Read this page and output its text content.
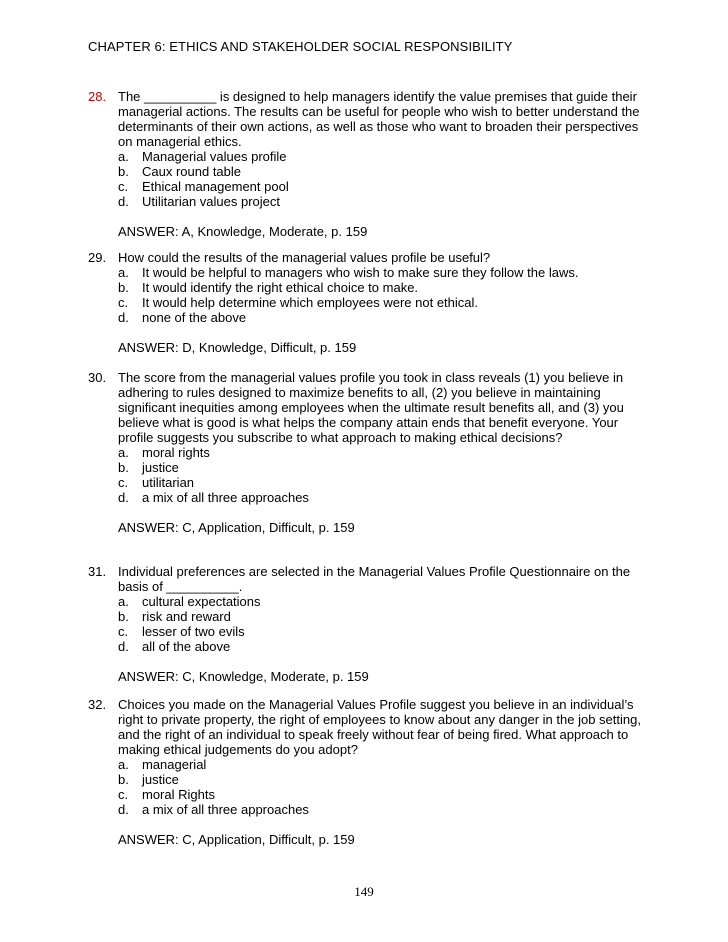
CHAPTER 6: ETHICS AND STAKEHOLDER SOCIAL RESPONSIBILITY
28. The __________ is designed to help managers identify the value premises that guide their managerial actions. The results can be useful for people who wish to better understand the determinants of their own actions, as well as those who want to broaden their perspectives on managerial ethics.

a. Managerial values profile
b. Caux round table
c. Ethical management pool
d. Utilitarian values project
ANSWER: A, Knowledge, Moderate, p. 159
29. How could the results of the managerial values profile be useful?

a. It would be helpful to managers who wish to make sure they follow the laws.
b. It would identify the right ethical choice to make.
c. It would help determine which employees were not ethical.
d. none of the above
ANSWER: D, Knowledge, Difficult, p. 159
30. The score from the managerial values profile you took in class reveals (1) you believe in adhering to rules designed to maximize benefits to all, (2) you believe in maintaining significant inequities among employees when the ultimate result benefits all, and (3) you believe what is good is what helps the company attain ends that benefit everyone. Your profile suggests you subscribe to what approach to making ethical decisions?

a. moral rights
b. justice
c. utilitarian
d. a mix of all three approaches
ANSWER: C, Application, Difficult, p. 159
31. Individual preferences are selected in the Managerial Values Profile Questionnaire on the basis of __________.

a. cultural expectations
b. risk and reward
c. lesser of two evils
d. all of the above
ANSWER: C, Knowledge, Moderate, p. 159
32. Choices you made on the Managerial Values Profile suggest you believe in an individual’s right to private property, the right of employees to know about any danger in the job setting, and the right of an individual to speak freely without fear of being fired. What approach to making ethical judgements do you adopt?

a. managerial
b. justice
c. moral Rights
d. a mix of all three approaches
ANSWER: C, Application, Difficult, p. 159
149
